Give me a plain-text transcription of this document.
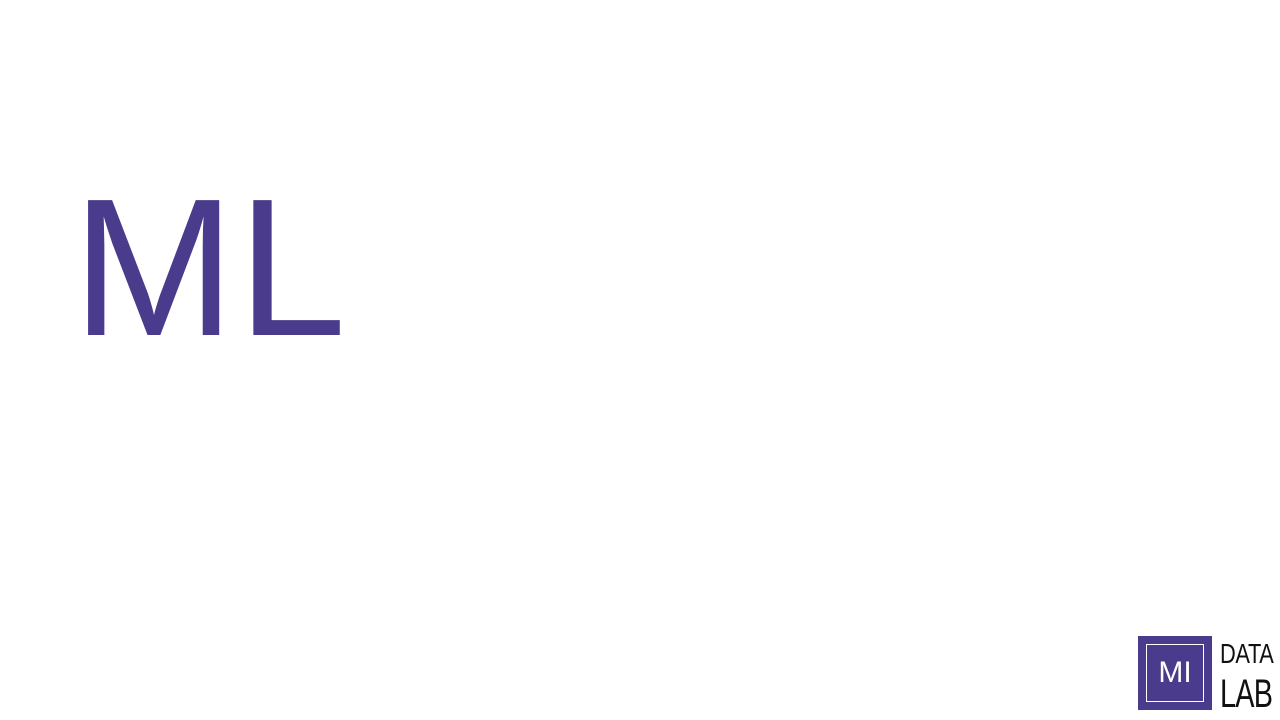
ML
MI
DATA
LAB
